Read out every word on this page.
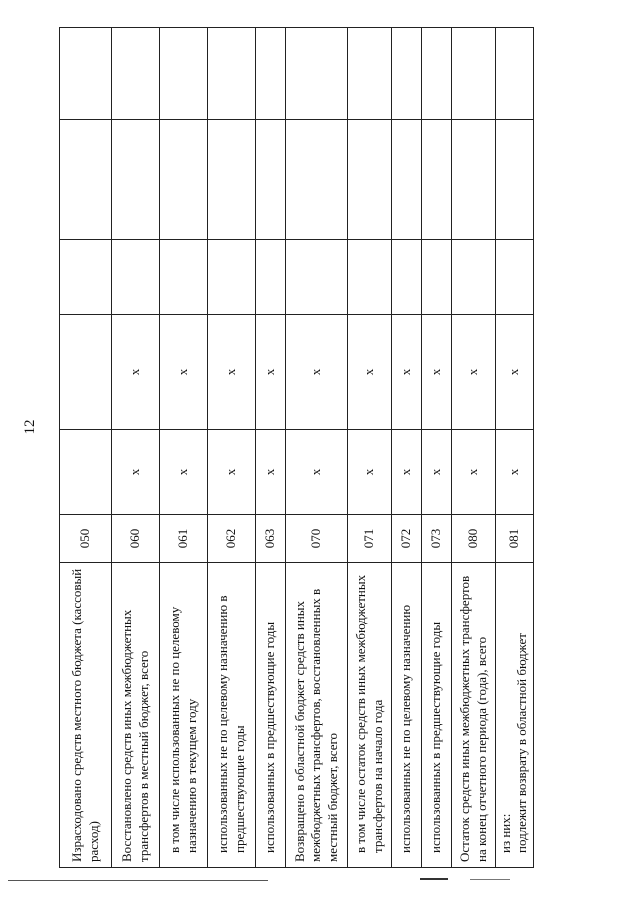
12
Израсходовано средств местного бюджета (кассовый расход)	050					
Восстановлено средств иных межбюджетных трансфертов в местный бюджет, всего	060	x	x			
в том числе использованных не по целевому назначению в текущем году	061	x	x			
использованных не по целевому назначению в предшествующие годы	062	x	x			
использованных в предшествующие годы	063	x	x			
Возвращено в областной бюджет средств иных межбюджетных трансфертов, восстановленных в местный бюджет, всего	070	x	x			
в том числе остаток средств иных межбюджетных трансфертов на начало года	071	x	x			
использованных не по целевому назначению	072	x	x			
использованных в предшествующие годы	073	x	x			
Остаток средств иных межбюджетных трансфертов на конец отчетного периода (года), всего	080	x	x			
из них:
подлежит возврату в областной бюджет	081	x	x			
